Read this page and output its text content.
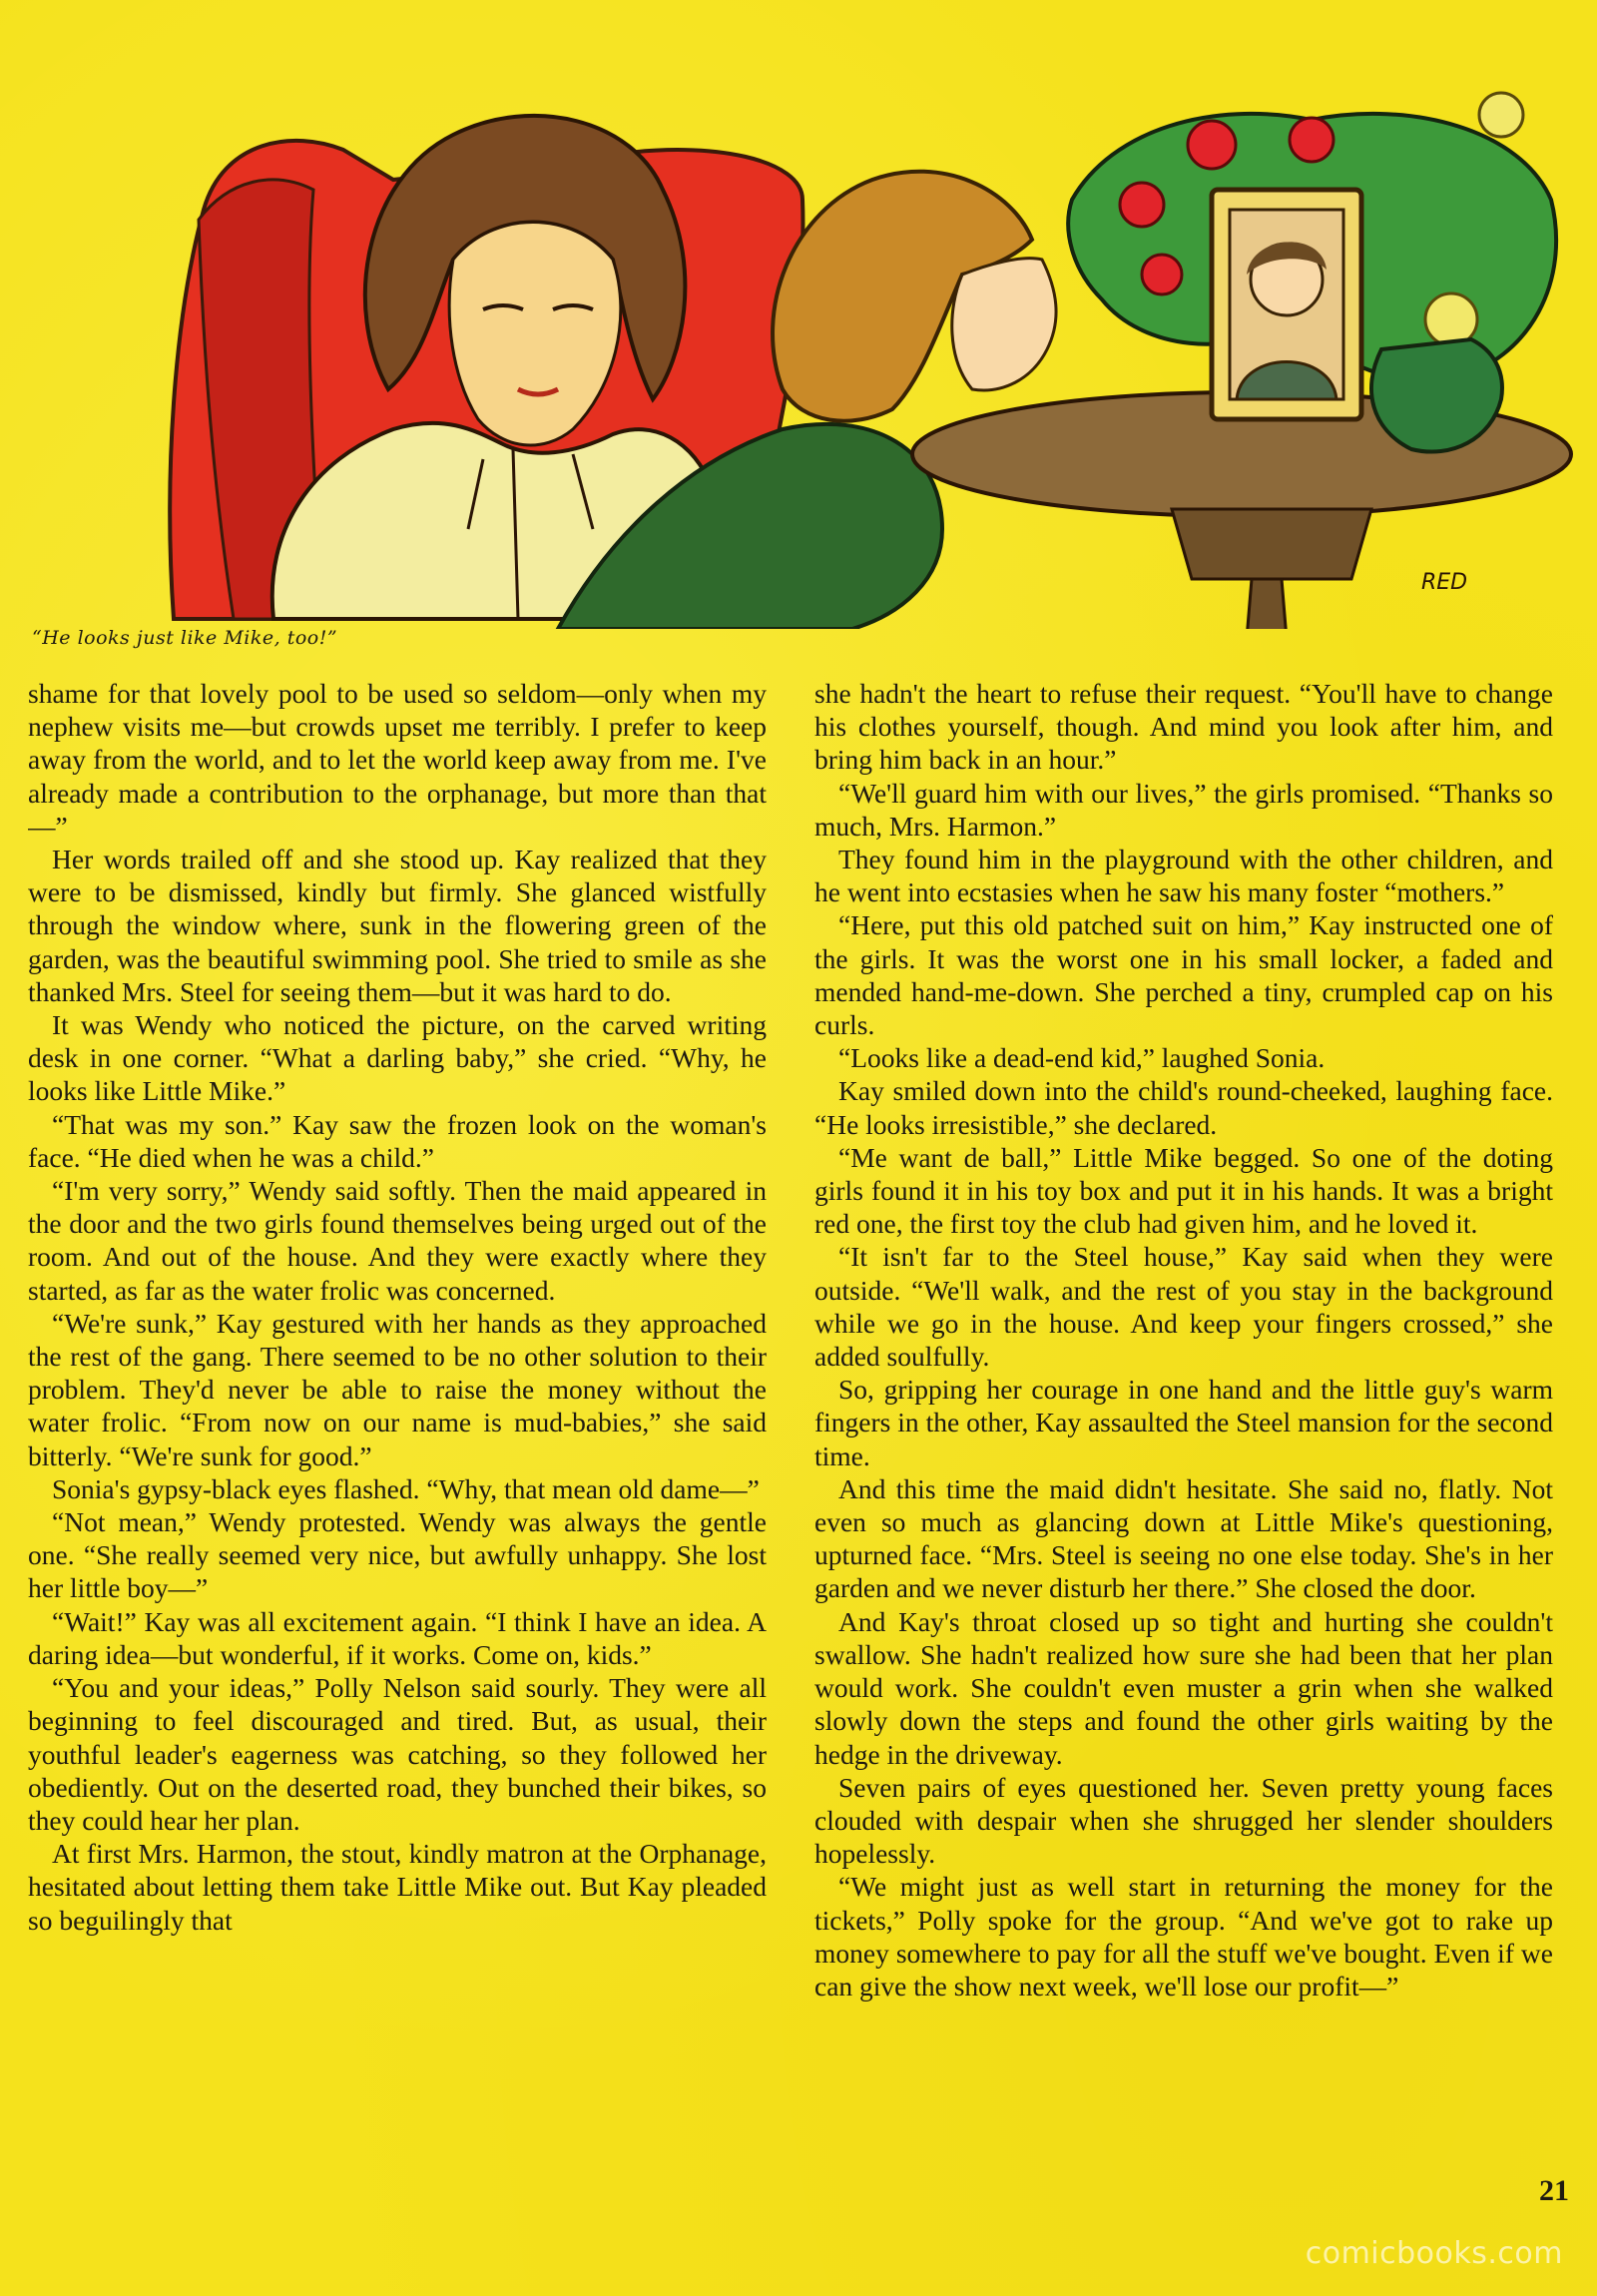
RED
“He looks just like Mike, too!”

shame for that lovely pool to be used so seldom—only when my nephew visits me—but crowds upset me terribly. I prefer to keep away from the world, and to let the world keep away from me. I've already made a contribution to the orphanage, but more than that—”

Her words trailed off and she stood up. Kay realized that they were to be dismissed, kindly but firmly. She glanced wistfully through the window where, sunk in the flowering green of the garden, was the beautiful swimming pool. She tried to smile as she thanked Mrs. Steel for seeing them—but it was hard to do.

It was Wendy who noticed the picture, on the carved writing desk in one corner. “What a darling baby,” she cried. “Why, he looks like Little Mike.”

“That was my son.” Kay saw the frozen look on the woman's face. “He died when he was a child.”

“I'm very sorry,” Wendy said softly. Then the maid appeared in the door and the two girls found themselves being urged out of the room. And out of the house. And they were exactly where they started, as far as the water frolic was concerned.

“We're sunk,” Kay gestured with her hands as they approached the rest of the gang. There seemed to be no other solution to their problem. They'd never be able to raise the money without the water frolic. “From now on our name is mud-babies,” she said bitterly. “We're sunk for good.”

Sonia's gypsy-black eyes flashed. “Why, that mean old dame—”

“Not mean,” Wendy protested. Wendy was always the gentle one. “She really seemed very nice, but awfully unhappy. She lost her little boy—”

“Wait!” Kay was all excitement again. “I think I have an idea. A daring idea—but wonderful, if it works. Come on, kids.”

“You and your ideas,” Polly Nelson said sourly. They were all beginning to feel discouraged and tired. But, as usual, their youthful leader's eagerness was catching, so they followed her obediently. Out on the deserted road, they bunched their bikes, so they could hear her plan.

At first Mrs. Harmon, the stout, kindly matron at the Orphanage, hesitated about letting them take Little Mike out. But Kay pleaded so beguilingly that

she hadn't the heart to refuse their request. “You'll have to change his clothes yourself, though. And mind you look after him, and bring him back in an hour.”

“We'll guard him with our lives,” the girls promised. “Thanks so much, Mrs. Harmon.”

They found him in the playground with the other children, and he went into ecstasies when he saw his many foster “mothers.”

“Here, put this old patched suit on him,” Kay instructed one of the girls. It was the worst one in his small locker, a faded and mended hand-me-down. She perched a tiny, crumpled cap on his curls.

“Looks like a dead-end kid,” laughed Sonia.

Kay smiled down into the child's round-cheeked, laughing face. “He looks irresistible,” she declared.

“Me want de ball,” Little Mike begged. So one of the doting girls found it in his toy box and put it in his hands. It was a bright red one, the first toy the club had given him, and he loved it.

“It isn't far to the Steel house,” Kay said when they were outside. “We'll walk, and the rest of you stay in the background while we go in the house. And keep your fingers crossed,” she added soulfully.

So, gripping her courage in one hand and the little guy's warm fingers in the other, Kay assaulted the Steel mansion for the second time.

And this time the maid didn't hesitate. She said no, flatly. Not even so much as glancing down at Little Mike's questioning, upturned face. “Mrs. Steel is seeing no one else today. She's in her garden and we never disturb her there.” She closed the door.

And Kay's throat closed up so tight and hurting she couldn't swallow. She hadn't realized how sure she had been that her plan would work. She couldn't even muster a grin when she walked slowly down the steps and found the other girls waiting by the hedge in the driveway.

Seven pairs of eyes questioned her. Seven pretty young faces clouded with despair when she shrugged her slender shoulders hopelessly.

“We might just as well start in returning the money for the tickets,” Polly spoke for the group. “And we've got to rake up money somewhere to pay for all the stuff we've bought. Even if we can give the show next week, we'll lose our profit—”

21
comicbooks.com
